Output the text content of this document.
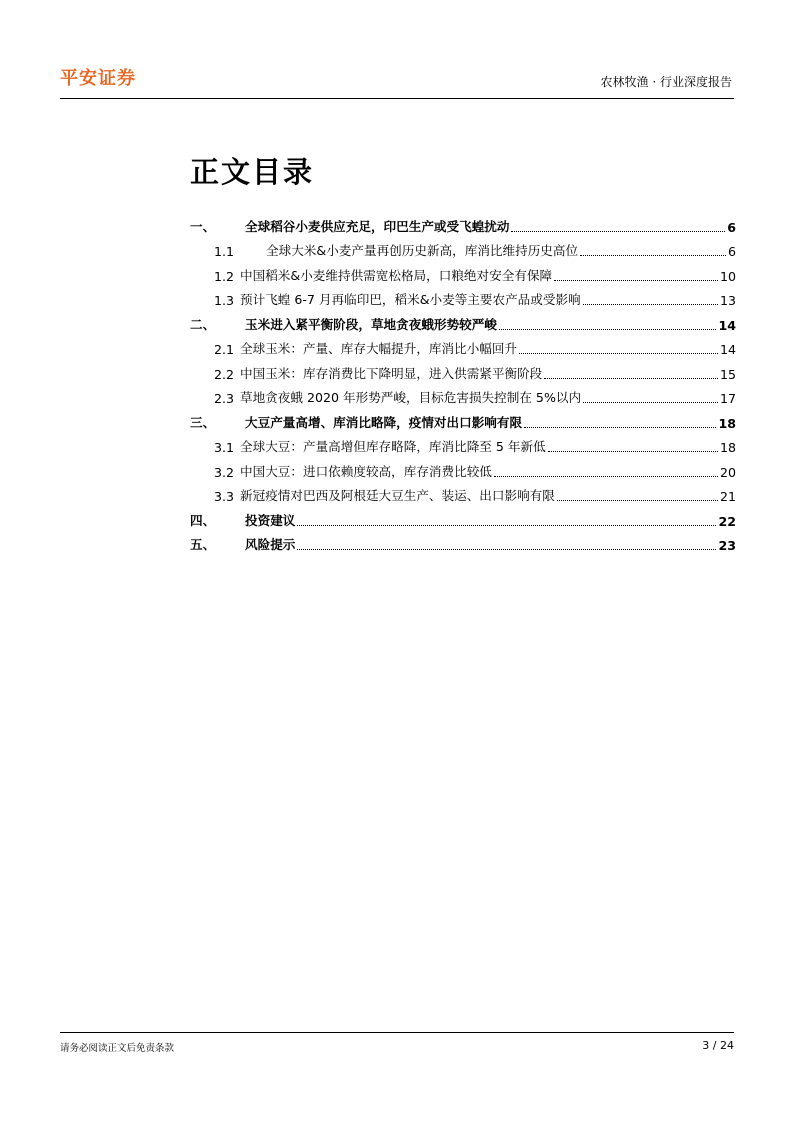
平安证券	农林牧渔 · 行业深度报告
正文目录
一、	全球稻谷小麦供应充足，印巴生产或受飞蝗扰动	6
1.1	全球大米&小麦产量再创历史新高，库消比维持历史高位	6
1.2 中国稻米&小麦维持供需宽松格局，口粮绝对安全有保障	10
1.3 预计飞蝗 6-7 月再临印巴，稻米&小麦等主要农产品或受影响	13
二、	玉米进入紧平衡阶段，草地贪夜蛾形势较严峻	14
2.1 全球玉米：产量、库存大幅提升，库消比小幅回升	14
2.2 中国玉米：库存消费比下降明显，进入供需紧平衡阶段	15
2.3 草地贪夜蛾 2020 年形势严峻，目标危害损失控制在 5%以内	17
三、	大豆产量高增、库消比略降，疫情对出口影响有限	18
3.1 全球大豆：产量高增但库存略降，库消比降至 5 年新低	18
3.2 中国大豆：进口依赖度较高，库存消费比较低	20
3.3 新冠疫情对巴西及阿根廷大豆生产、装运、出口影响有限	21
四、	投资建议	22
五、	风险提示	23
请务必阅读正文后免责条款	3 / 24
